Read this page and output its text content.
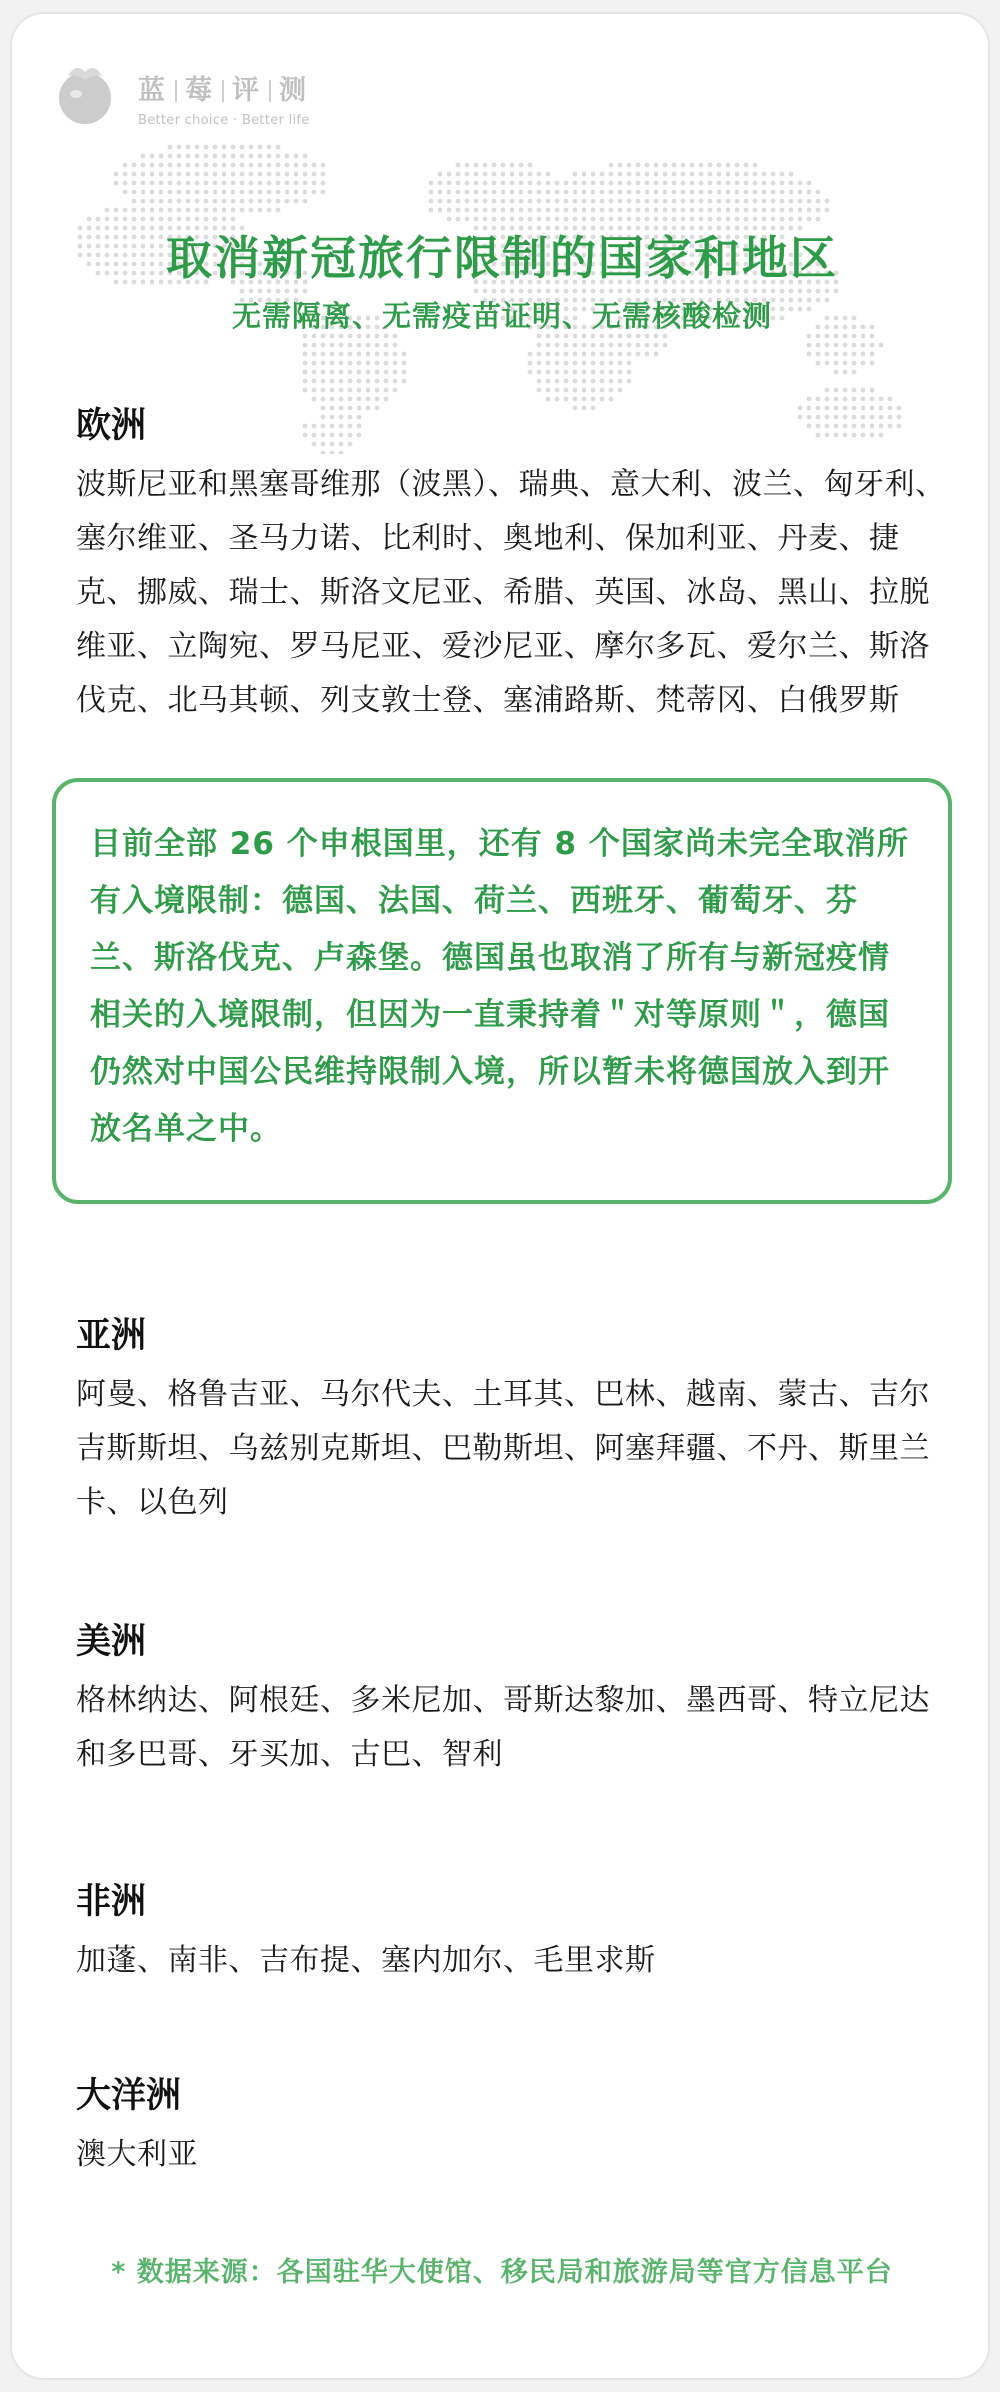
蓝 莓 评 测
Better choice · Better life
取消新冠旅行限制的国家和地区
无需隔离、无需疫苗证明、无需核酸检测
欧洲
波斯尼亚和黑塞哥维那（波黑）、瑞典、意大利、波兰、匈牙利、塞尔维亚、圣马力诺、比利时、奥地利、保加利亚、丹麦、捷克、挪威、瑞士、斯洛文尼亚、希腊、英国、冰岛、黑山、拉脱维亚、立陶宛、罗马尼亚、爱沙尼亚、摩尔多瓦、爱尔兰、斯洛伐克、北马其顿、列支敦士登、塞浦路斯、梵蒂冈、白俄罗斯
目前全部 26 个申根国里，还有 8 个国家尚未完全取消所有入境限制：德国、法国、荷兰、西班牙、葡萄牙、芬兰、斯洛伐克、卢森堡。德国虽也取消了所有与新冠疫情相关的入境限制，但因为一直秉持着＂对等原则＂，德国仍然对中国公民维持限制入境，所以暂未将德国放入到开放名单之中。
亚洲
阿曼、格鲁吉亚、马尔代夫、土耳其、巴林、越南、蒙古、吉尔吉斯斯坦、乌兹别克斯坦、巴勒斯坦、阿塞拜疆、不丹、斯里兰卡、以色列
美洲
格林纳达、阿根廷、多米尼加、哥斯达黎加、墨西哥、特立尼达和多巴哥、牙买加、古巴、智利
非洲
加蓬、南非、吉布提、塞内加尔、毛里求斯
大洋洲
澳大利亚
* 数据来源：各国驻华大使馆、移民局和旅游局等官方信息平台
